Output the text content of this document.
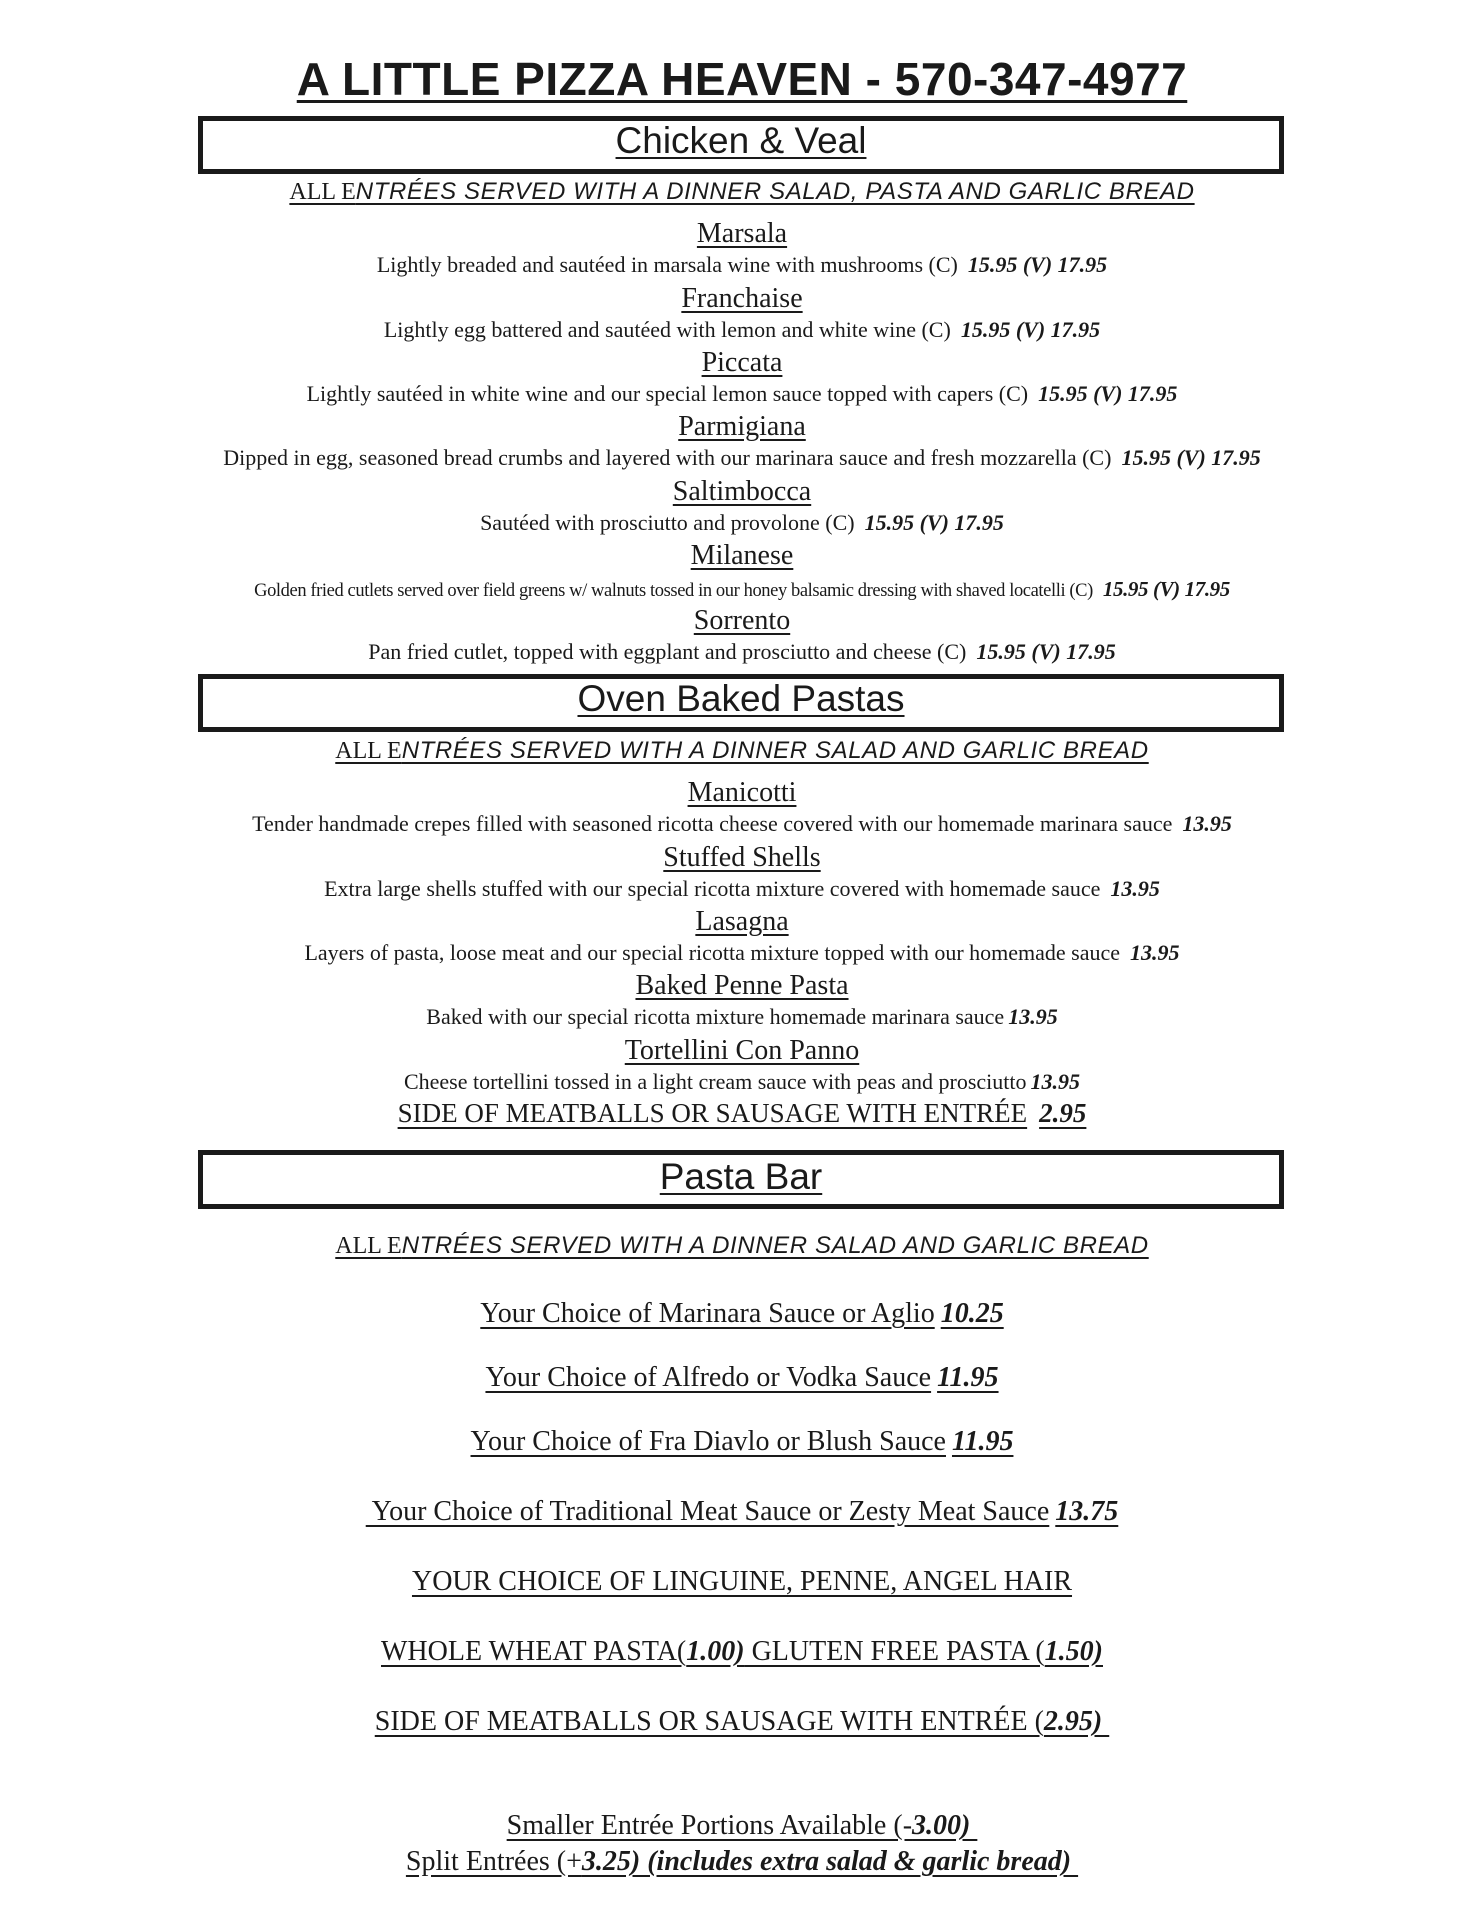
A LITTLE PIZZA HEAVEN - 570-347-4977
Chicken & Veal
ALL ENTRÉES SERVED WITH A DINNER SALAD, PASTA AND GARLIC BREAD
Marsala
Lightly breaded and sautéed in marsala wine with mushrooms (C) 15.95 (V) 17.95
Franchaise
Lightly egg battered and sautéed with lemon and white wine (C) 15.95 (V) 17.95
Piccata
Lightly sautéed in white wine and our special lemon sauce topped with capers (C) 15.95 (V) 17.95
Parmigiana
Dipped in egg, seasoned bread crumbs and layered with our marinara sauce and fresh mozzarella (C) 15.95 (V) 17.95
Saltimbocca
Sautéed with prosciutto and provolone (C) 15.95 (V) 17.95
Milanese
Golden fried cutlets served over field greens w/ walnuts tossed in our honey balsamic dressing with shaved locatelli (C) 15.95 (V) 17.95
Sorrento
Pan fried cutlet, topped with eggplant and prosciutto and cheese (C) 15.95 (V) 17.95
Oven Baked Pastas
ALL ENTRÉES SERVED WITH A DINNER SALAD AND GARLIC BREAD
Manicotti
Tender handmade crepes filled with seasoned ricotta cheese covered with our homemade marinara sauce 13.95
Stuffed Shells
Extra large shells stuffed with our special ricotta mixture covered with homemade sauce 13.95
Lasagna
Layers of pasta, loose meat and our special ricotta mixture topped with our homemade sauce 13.95
Baked Penne Pasta
Baked with our special ricotta mixture homemade marinara sauce 13.95
Tortellini Con Panno
Cheese tortellini tossed in a light cream sauce with peas and prosciutto 13.95
SIDE OF MEATBALLS OR SAUSAGE WITH ENTRÉE 2.95
Pasta Bar
ALL ENTRÉES SERVED WITH A DINNER SALAD AND GARLIC BREAD
Your Choice of Marinara Sauce or Aglio 10.25
Your Choice of Alfredo or Vodka Sauce 11.95
Your Choice of Fra Diavlo or Blush Sauce 11.95
Your Choice of Traditional Meat Sauce or Zesty Meat Sauce 13.75
YOUR CHOICE OF LINGUINE, PENNE, ANGEL HAIR
WHOLE WHEAT PASTA(1.00) GLUTEN FREE PASTA (1.50)
SIDE OF MEATBALLS OR SAUSAGE WITH ENTRÉE (2.95)
Smaller Entrée Portions Available (-3.00)
Split Entrées (+3.25) (includes extra salad & garlic bread)
